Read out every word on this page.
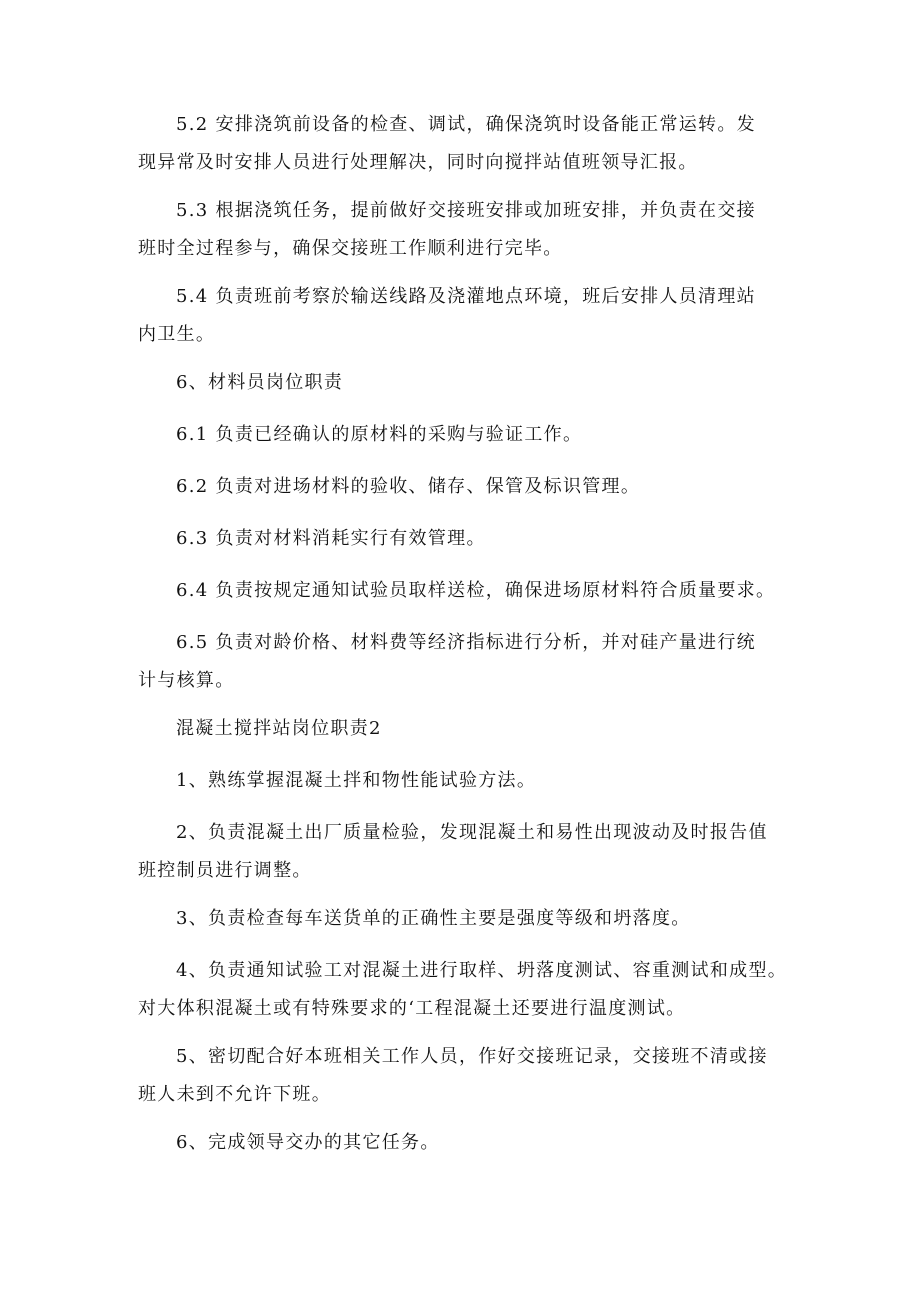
5.2 安排浇筑前设备的检查、调试，确保浇筑时设备能正常运转。发
现异常及时安排人员进行处理解决，同时向搅拌站值班领导汇报。
5.3 根据浇筑任务，提前做好交接班安排或加班安排，并负责在交接
班时全过程参与，确保交接班工作顺利进行完毕。
5.4 负责班前考察於输送线路及浇灌地点环境，班后安排人员清理站
内卫生。
6、材料员岗位职责
6.1 负责已经确认的原材料的采购与验证工作。
6.2 负责对进场材料的验收、储存、保管及标识管理。
6.3 负责对材料消耗实行有效管理。
6.4 负责按规定通知试验员取样送检，确保进场原材料符合质量要求。
6.5 负责对龄价格、材料费等经济指标进行分析，并对硅产量进行统
计与核算。
混凝土搅拌站岗位职责2
1、熟练掌握混凝土拌和物性能试验方法。
2、负责混凝土出厂质量检验，发现混凝土和易性出现波动及时报告值
班控制员进行调整。
3、负责检查每车送货单的正确性主要是强度等级和坍落度。
4、负责通知试验工对混凝土进行取样、坍落度测试、容重测试和成型。
对大体积混凝土或有特殊要求的‘工程混凝土还要进行温度测试。
5、密切配合好本班相关工作人员，作好交接班记录，交接班不清或接
班人未到不允许下班。
6、完成领导交办的其它任务。
